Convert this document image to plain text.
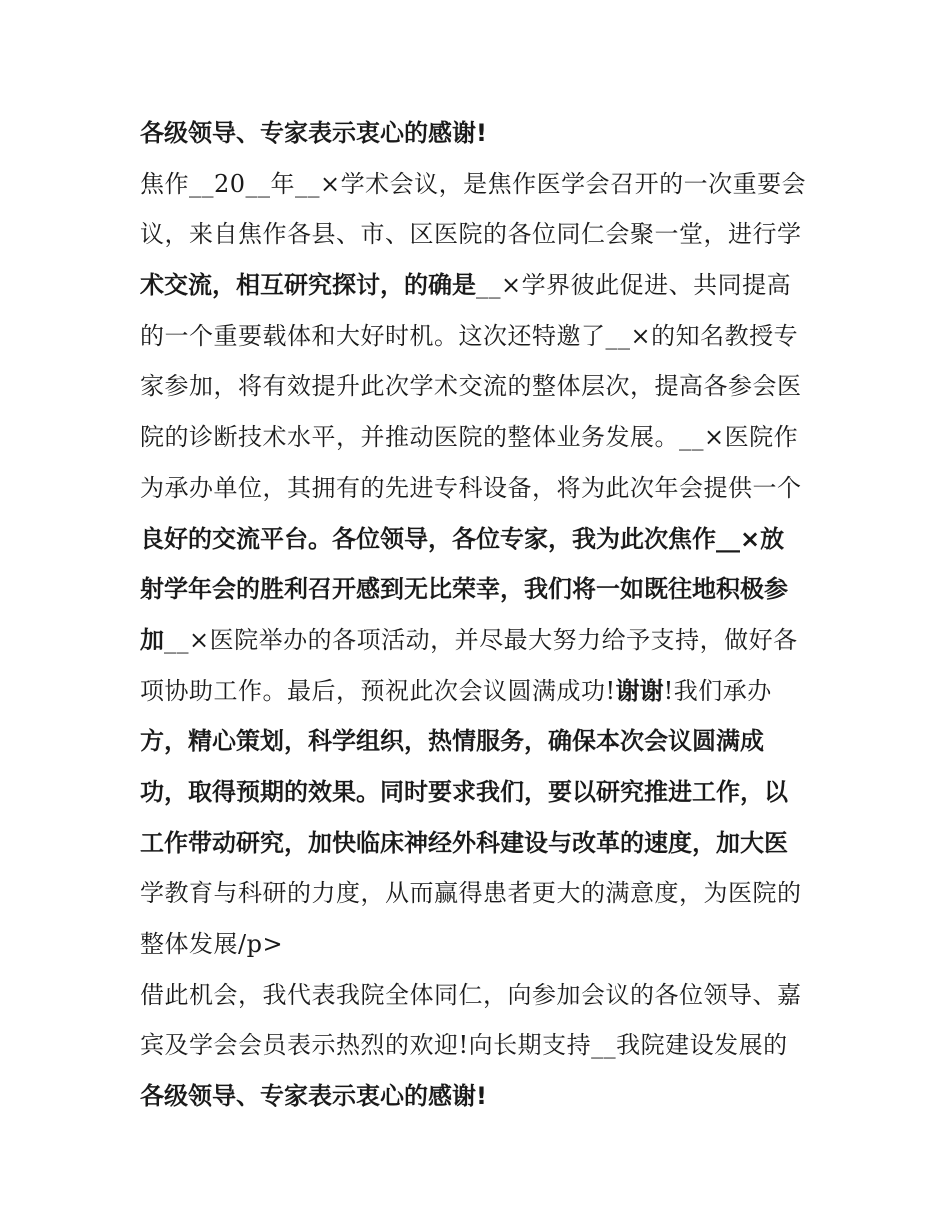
各级领导、专家表示衷心的感谢!
焦作__20__年__×学术会议，是焦作医学会召开的一次重要会
议，来自焦作各县、市、区医院的各位同仁会聚一堂，进行学
术交流，相互研究探讨，的确是__×学界彼此促进、共同提高
的一个重要载体和大好时机。这次还特邀了__×的知名教授专
家参加，将有效提升此次学术交流的整体层次，提高各参会医
院的诊断技术水平，并推动医院的整体业务发展。__×医院作
为承办单位，其拥有的先进专科设备，将为此次年会提供一个
良好的交流平台。各位领导，各位专家，我为此次焦作__×放
射学年会的胜利召开感到无比荣幸，我们将一如既往地积极参
加__×医院举办的各项活动，并尽最大努力给予支持，做好各
项协助工作。最后，预祝此次会议圆满成功!谢谢!我们承办
方，精心策划，科学组织，热情服务，确保本次会议圆满成
功，取得预期的效果。同时要求我们，要以研究推进工作，以
工作带动研究，加快临床神经外科建设与改革的速度，加大医
学教育与科研的力度，从而赢得患者更大的满意度，为医院的
整体发展/p>
借此机会，我代表我院全体同仁，向参加会议的各位领导、嘉
宾及学会会员表示热烈的欢迎!向长期支持__我院建设发展的
各级领导、专家表示衷心的感谢!
